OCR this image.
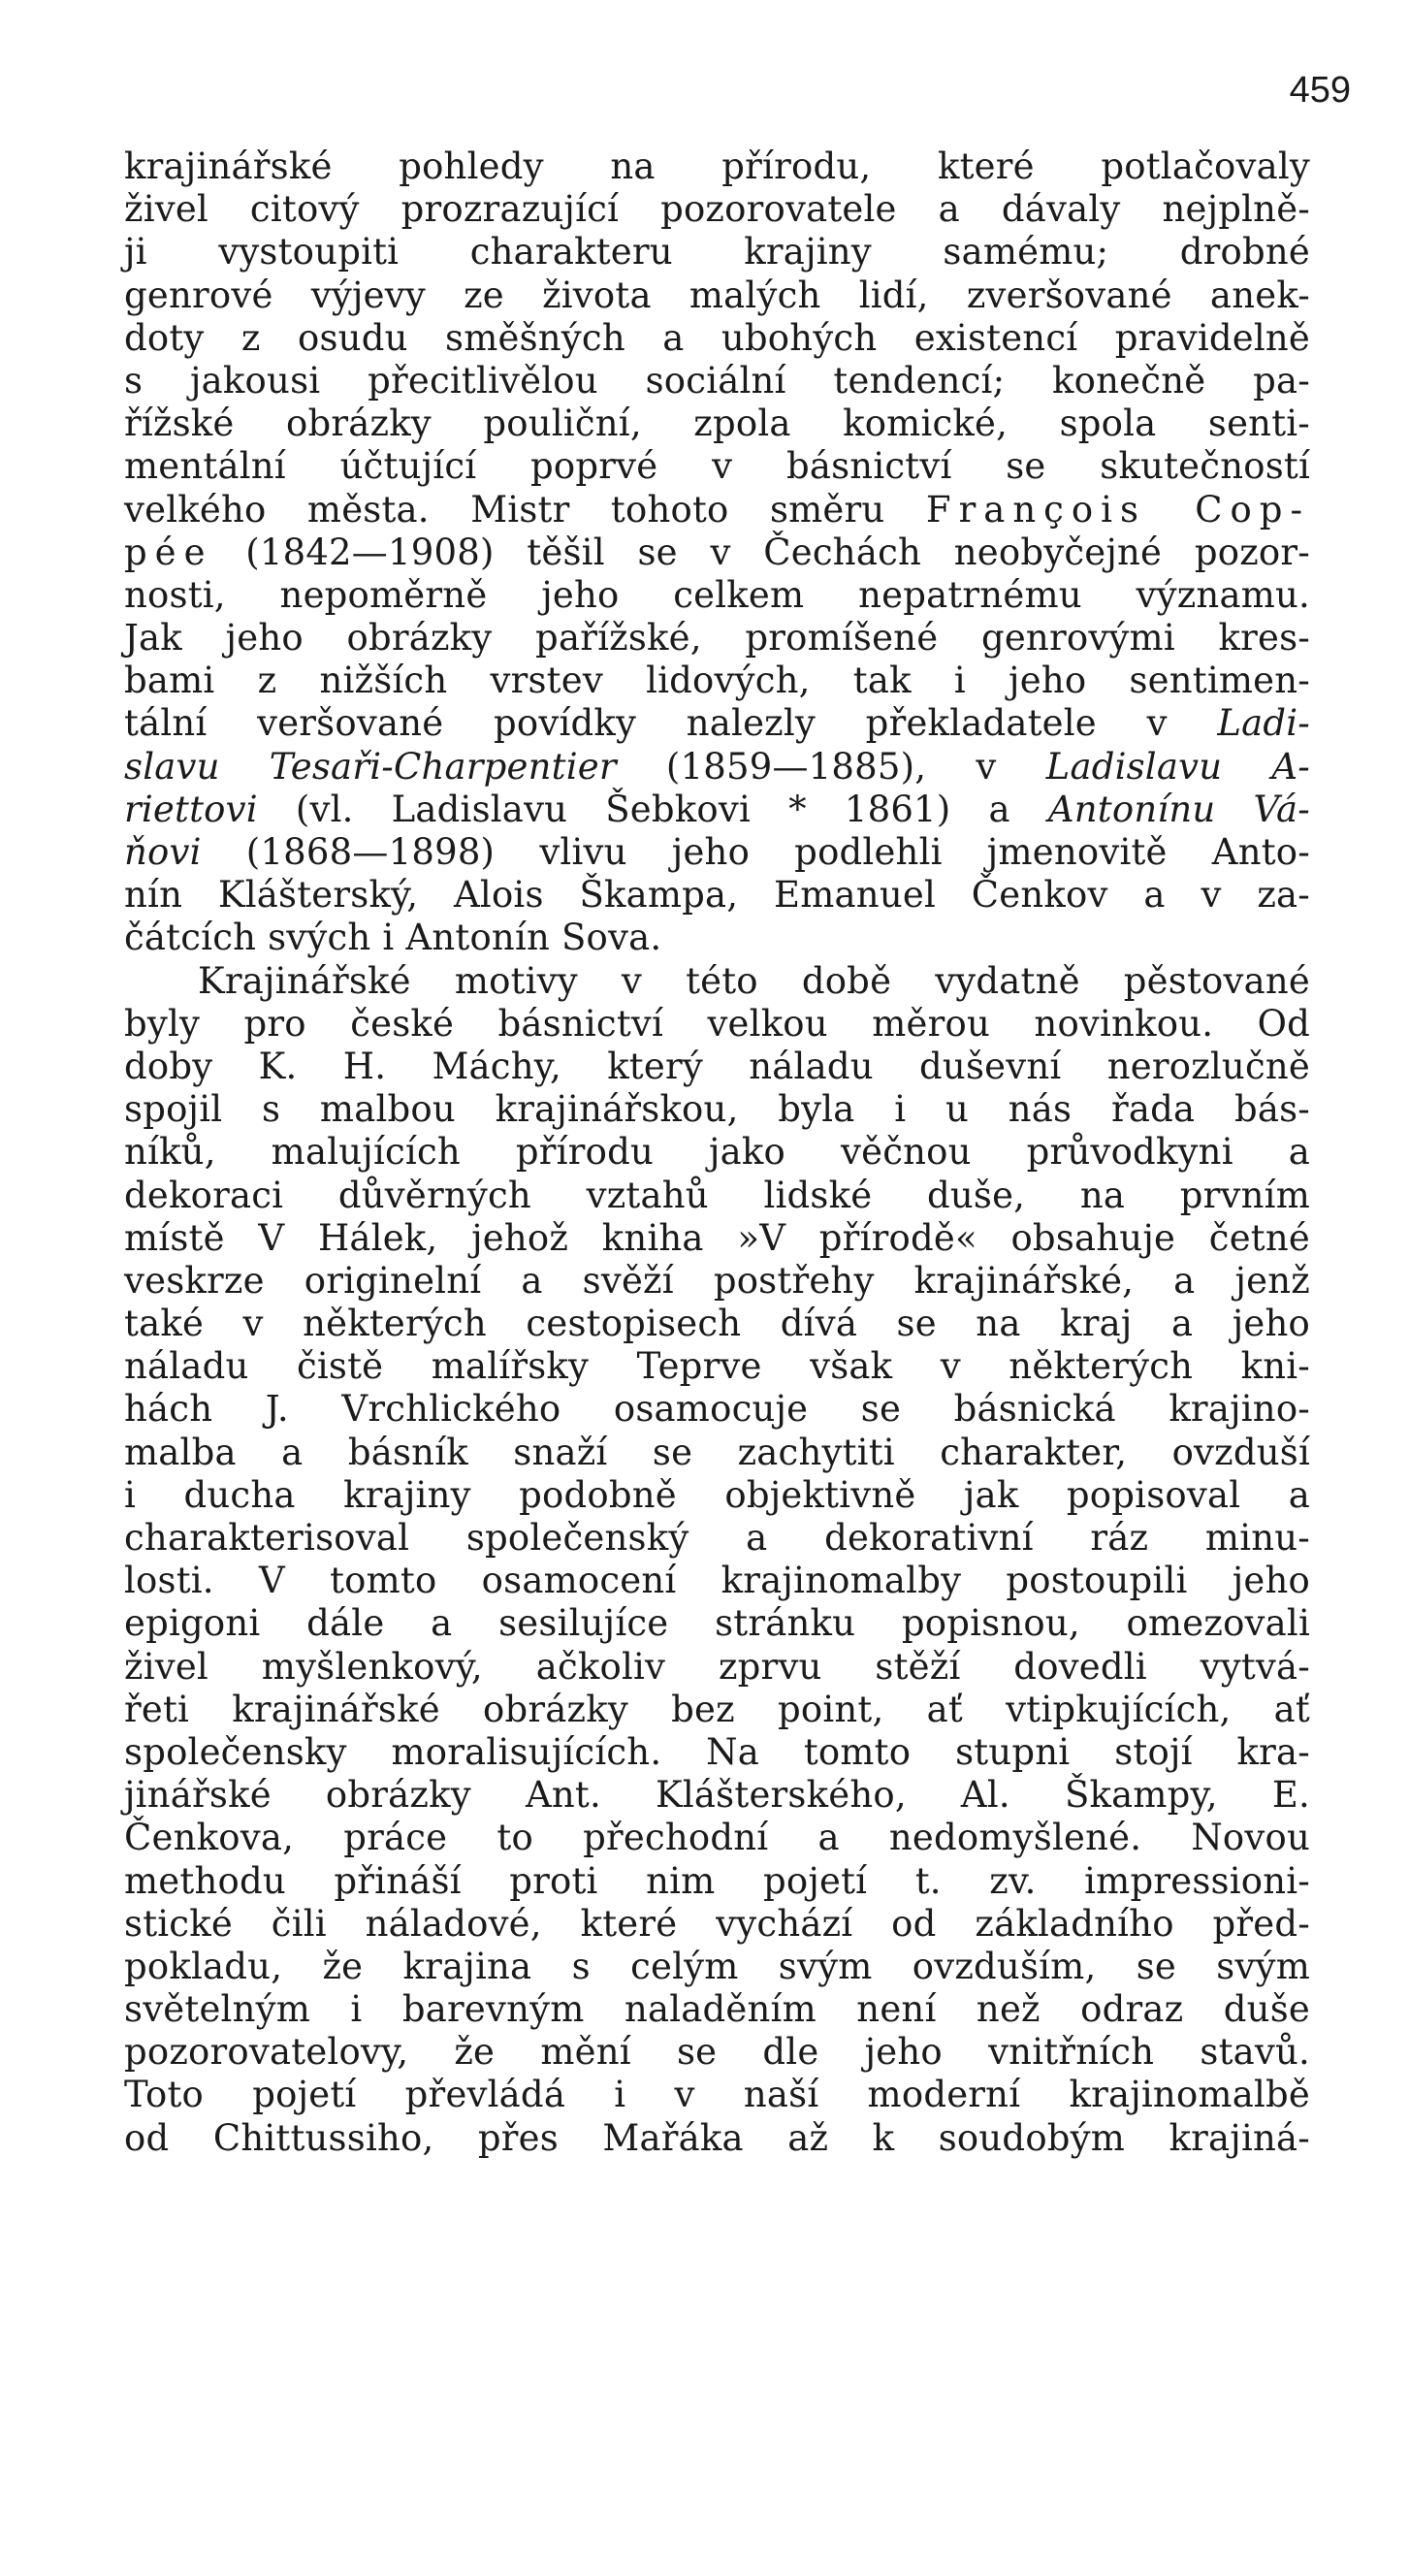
459
krajinářské pohledy na přírodu, které potlačovaly
živel citový prozrazující pozorovatele a dávaly nejplně-
ji vystoupiti charakteru krajiny samému; drobné
genrové výjevy ze života malých lidí, zveršované anek-
doty z osudu směšných a ubohých existencí pravidelně
s jakousi přecitlivělou sociální tendencí; konečně pa-
řížské obrázky pouliční, zpola komické, spola senti-
mentální účtující poprvé v básnictví se skutečností
velkého města. Mistr tohoto směru François Cop-
pée (1842—1908) těšil se v Čechách neobyčejné pozor-
nosti, nepoměrně jeho celkem nepatrnému významu.
Jak jeho obrázky pařížské, promíšené genrovými kres-
bami z nižších vrstev lidových, tak i jeho sentimen-
tální veršované povídky nalezly překladatele v Ladi-
slavu Tesaři-Charpentier (1859—1885), v Ladislavu A-
riettovi (vl. Ladislavu Šebkovi * 1861) a Antonínu Vá-
ňovi (1868—1898) vlivu jeho podlehli jmenovitě Anto-
nín Klášterský, Alois Škampa, Emanuel Čenkov a v za-
čátcích svých i Antonín Sova.
Krajinářské motivy v této době vydatně pěstované
byly pro české básnictví velkou měrou novinkou. Od
doby K. H. Máchy, který náladu duševní nerozlučně
spojil s malbou krajinářskou, byla i u nás řada bás-
níků, malujících přírodu jako věčnou průvodkyni a
dekoraci důvěrných vztahů lidské duše, na prvním
místě V Hálek, jehož kniha »V přírodě« obsahuje četné
veskrze originelní a svěží postřehy krajinářské, a jenž
také v některých cestopisech dívá se na kraj a jeho
náladu čistě malířsky Teprve však v některých kni-
hách J. Vrchlického osamocuje se básnická krajino-
malba a básník snaží se zachytiti charakter, ovzduší
i ducha krajiny podobně objektivně jak popisoval a
charakterisoval společenský a dekorativní ráz minu-
losti. V tomto osamocení krajinomalby postoupili jeho
epigoni dále a sesilujíce stránku popisnou, omezovali
živel myšlenkový, ačkoliv zprvu stěží dovedli vytvá-
řeti krajinářské obrázky bez point, ať vtipkujících, ať
společensky moralisujících. Na tomto stupni stojí kra-
jinářské obrázky Ant. Klášterského, Al. Škampy, E.
Čenkova, práce to přechodní a nedomyšlené. Novou
methodu přináší proti nim pojetí t. zv. impressioni-
stické čili náladové, které vychází od základního před-
pokladu, že krajina s celým svým ovzduším, se svým
světelným i barevným naladěním není než odraz duše
pozorovatelovy, že mění se dle jeho vnitřních stavů.
Toto pojetí převládá i v naší moderní krajinomalbě
od Chittussiho, přes Mařáka až k soudobým krajiná-
